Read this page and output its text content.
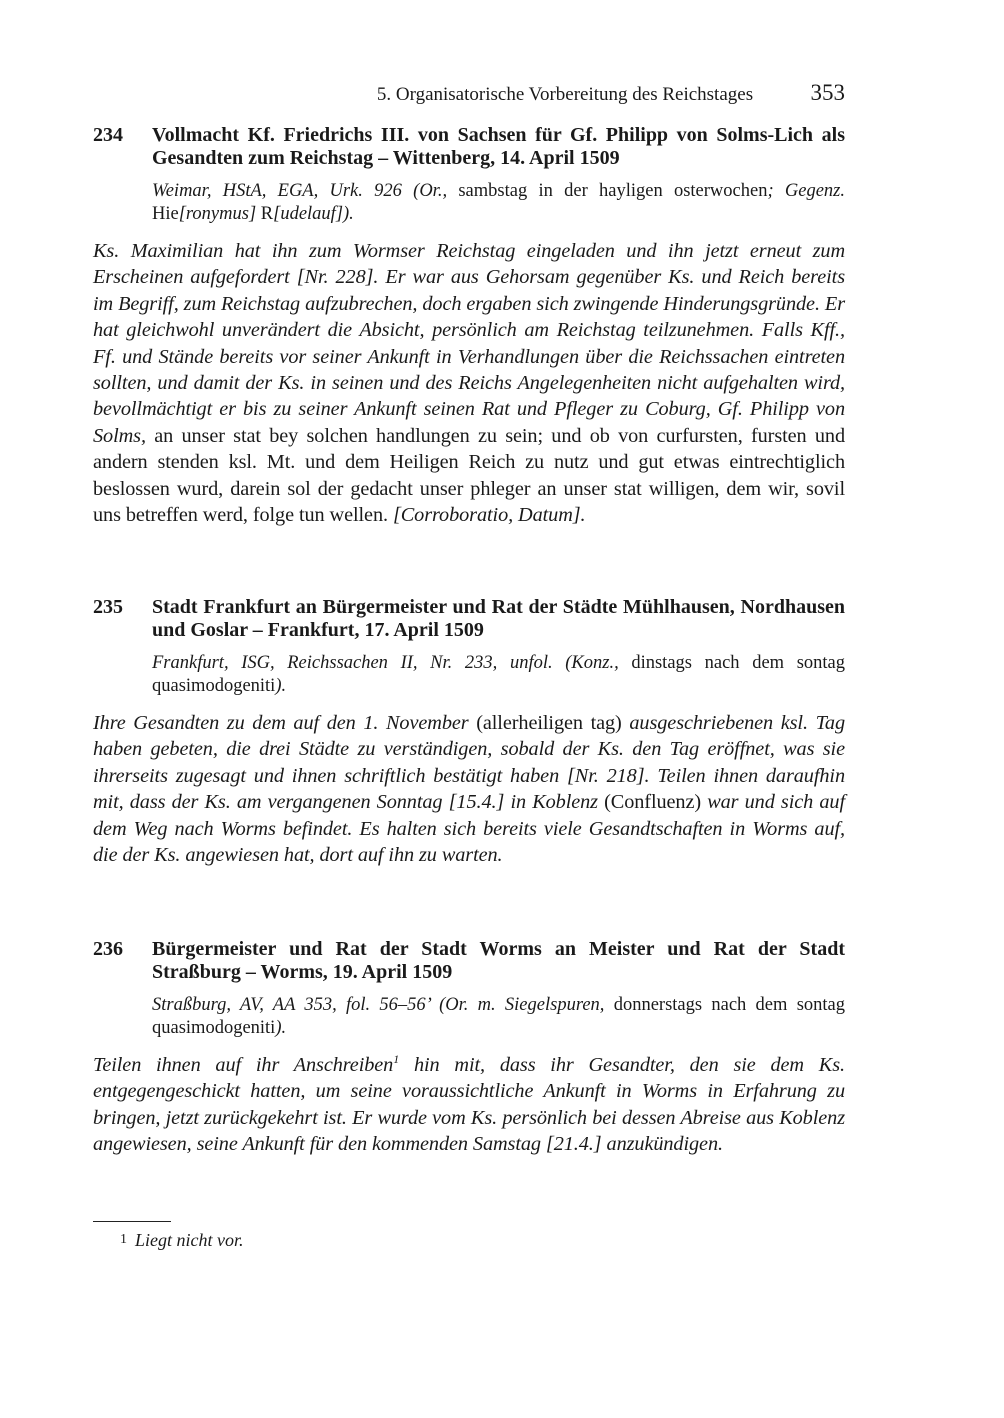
5. Organisatorische Vorbereitung des Reichstages	353
234	Vollmacht Kf. Friedrichs III. von Sachsen für Gf. Philipp von Solms-Lich als Gesandten zum Reichstag – Wittenberg, 14. April 1509
Weimar, HStA, EGA, Urk. 926 (Or., sambstag in der hayligen osterwochen; Gegenz. Hie[ronymus] R[udelauf]).
Ks. Maximilian hat ihn zum Wormser Reichstag eingeladen und ihn jetzt erneut zum Erscheinen aufgefordert [Nr. 228]. Er war aus Gehorsam gegenüber Ks. und Reich bereits im Begriff, zum Reichstag aufzubrechen, doch ergaben sich zwingende Hinderungsgründe. Er hat gleichwohl unverändert die Absicht, persönlich am Reichstag teilzunehmen. Falls Kff., Ff. und Stände bereits vor seiner Ankunft in Verhandlungen über die Reichssachen eintreten sollten, und damit der Ks. in seinen und des Reichs Angelegenheiten nicht aufgehalten wird, bevollmächtigt er bis zu seiner Ankunft seinen Rat und Pfleger zu Coburg, Gf. Philipp von Solms, an unser stat bey solchen handlungen zu sein; und ob von curfursten, fursten und andern stenden ksl. Mt. und dem Heiligen Reich zu nutz und gut etwas eintrechtiglich beslossen wurd, darein sol der gedacht unser phleger an unser stat willigen, dem wir, sovil uns betreffen werd, folge tun wellen. [Corroboratio, Datum].
235	Stadt Frankfurt an Bürgermeister und Rat der Städte Mühlhausen, Nordhausen und Goslar – Frankfurt, 17. April 1509
Frankfurt, ISG, Reichssachen II, Nr. 233, unfol. (Konz., dinstags nach dem sontag quasimodogeniti).
Ihre Gesandten zu dem auf den 1. November (allerheiligen tag) ausgeschriebenen ksl. Tag haben gebeten, die drei Städte zu verständigen, sobald der Ks. den Tag eröffnet, was sie ihrerseits zugesagt und ihnen schriftlich bestätigt haben [Nr. 218]. Teilen ihnen daraufhin mit, dass der Ks. am vergangenen Sonntag [15.4.] in Koblenz (Confluenz) war und sich auf dem Weg nach Worms befindet. Es halten sich bereits viele Gesandtschaften in Worms auf, die der Ks. angewiesen hat, dort auf ihn zu warten.
236	Bürgermeister und Rat der Stadt Worms an Meister und Rat der Stadt Straßburg – Worms, 19. April 1509
Straßburg, AV, AA 353, fol. 56–56’ (Or. m. Siegelspuren, donnerstags nach dem sontag quasimodogeniti).
Teilen ihnen auf ihr Anschreiben$^1$ hin mit, dass ihr Gesandter, den sie dem Ks. entgegengeschickt hatten, um seine voraussichtliche Ankunft in Worms in Erfahrung zu bringen, jetzt zurückgekehrt ist. Er wurde vom Ks. persönlich bei dessen Abreise aus Koblenz angewiesen, seine Ankunft für den kommenden Samstag [21.4.] anzukündigen.
1 Liegt nicht vor.
